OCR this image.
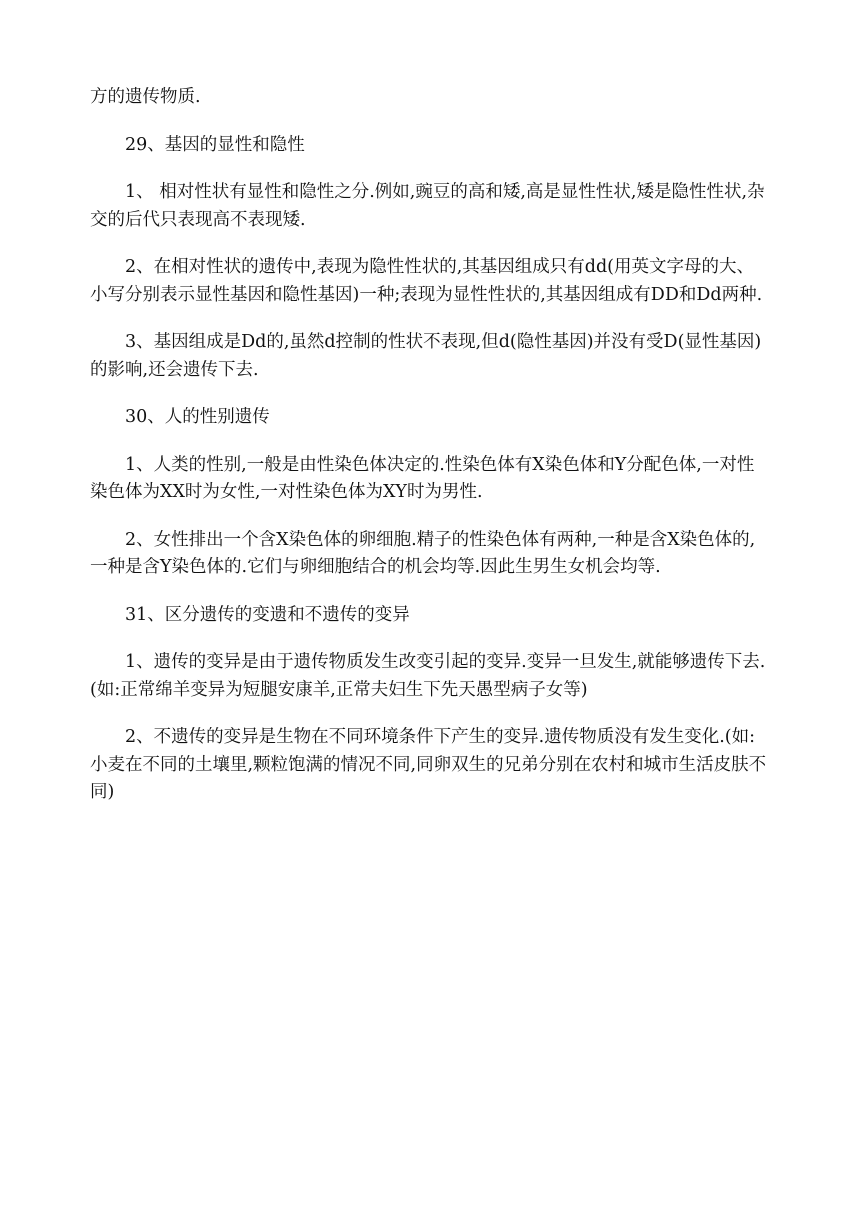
方的遗传物质.

29、基因的显性和隐性

1、 相对性状有显性和隐性之分.例如,豌豆的高和矮,高是显性性状,矮是隐性性状,杂交的后代只表现高不表现矮.

2、在相对性状的遗传中,表现为隐性性状的,其基因组成只有dd(用英文字母的大、小写分别表示显性基因和隐性基因)一种;表现为显性性状的,其基因组成有DD和Dd两种.

3、基因组成是Dd的,虽然d控制的性状不表现,但d(隐性基因)并没有受D(显性基因)的影响,还会遗传下去.

30、人的性别遗传

1、人类的性别,一般是由性染色体决定的.性染色体有X染色体和Y分配色体,一对性染色体为XX时为女性,一对性染色体为XY时为男性.

2、女性排出一个含X染色体的卵细胞.精子的性染色体有两种,一种是含X染色体的,一种是含Y染色体的.它们与卵细胞结合的机会均等.因此生男生女机会均等.

31、区分遗传的变遗和不遗传的变异

1、遗传的变异是由于遗传物质发生改变引起的变异.变异一旦发生,就能够遗传下去.(如:正常绵羊变异为短腿安康羊,正常夫妇生下先天愚型病子女等)

2、不遗传的变异是生物在不同环境条件下产生的变异.遗传物质没有发生变化.(如:小麦在不同的土壤里,颗粒饱满的情况不同,同卵双生的兄弟分别在农村和城市生活皮肤不同)
